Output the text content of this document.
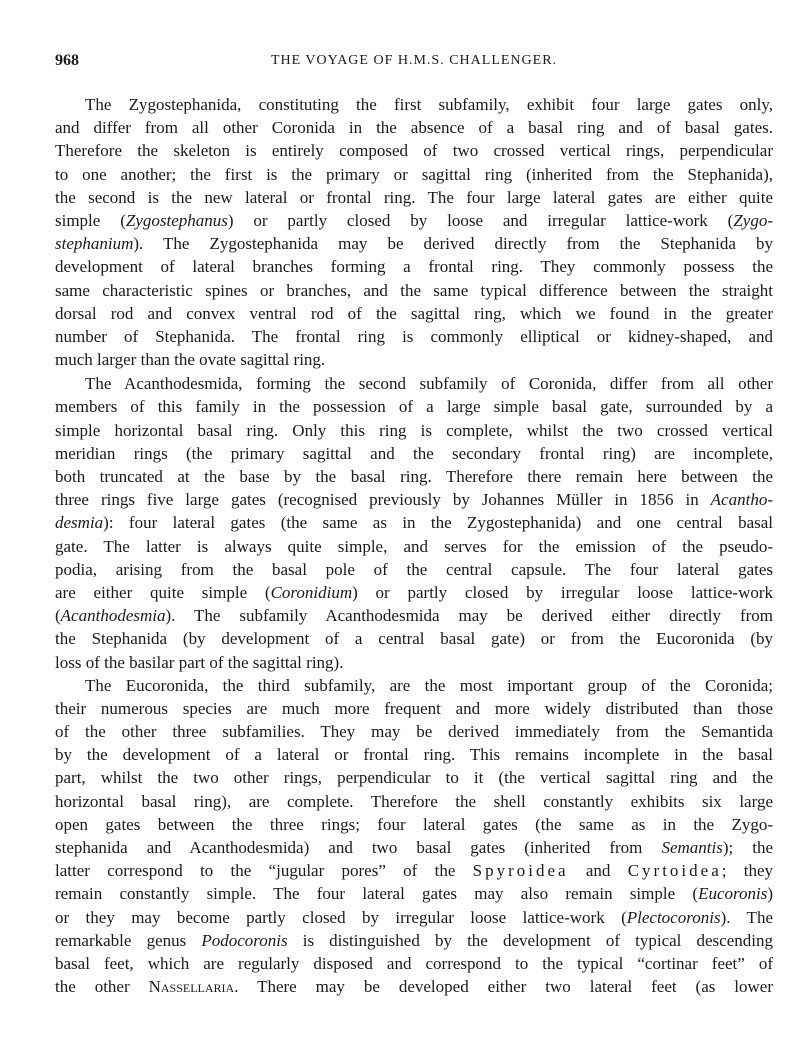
968	THE VOYAGE OF H.M.S. CHALLENGER.
The Zygostephanida, constituting the first subfamily, exhibit four large gates only,
and differ from all other Coronida in the absence of a basal ring and of basal gates.
Therefore the skeleton is entirely composed of two crossed vertical rings, perpendicular
to one another; the first is the primary or sagittal ring (inherited from the Stephanida),
the second is the new lateral or frontal ring. The four large lateral gates are either quite
simple (Zygostephanus) or partly closed by loose and irregular lattice-work (Zygo-
stephanium). The Zygostephanida may be derived directly from the Stephanida by
development of lateral branches forming a frontal ring. They commonly possess the
same characteristic spines or branches, and the same typical difference between the straight
dorsal rod and convex ventral rod of the sagittal ring, which we found in the greater
number of Stephanida. The frontal ring is commonly elliptical or kidney-shaped, and
much larger than the ovate sagittal ring.
The Acanthodesmida, forming the second subfamily of Coronida, differ from all other
members of this family in the possession of a large simple basal gate, surrounded by a
simple horizontal basal ring. Only this ring is complete, whilst the two crossed vertical
meridian rings (the primary sagittal and the secondary frontal ring) are incomplete,
both truncated at the base by the basal ring. Therefore there remain here between the
three rings five large gates (recognised previously by Johannes Müller in 1856 in Acantho-
desmia): four lateral gates (the same as in the Zygostephanida) and one central basal
gate. The latter is always quite simple, and serves for the emission of the pseudo-
podia, arising from the basal pole of the central capsule. The four lateral gates
are either quite simple (Coronidium) or partly closed by irregular loose lattice-work
(Acanthodesmia). The subfamily Acanthodesmida may be derived either directly from
the Stephanida (by development of a central basal gate) or from the Eucoronida (by
loss of the basilar part of the sagittal ring).
The Eucoronida, the third subfamily, are the most important group of the Coronida;
their numerous species are much more frequent and more widely distributed than those
of the other three subfamilies. They may be derived immediately from the Semantida
by the development of a lateral or frontal ring. This remains incomplete in the basal
part, whilst the two other rings, perpendicular to it (the vertical sagittal ring and the
horizontal basal ring), are complete. Therefore the shell constantly exhibits six large
open gates between the three rings; four lateral gates (the same as in the Zygo-
stephanida and Acanthodesmida) and two basal gates (inherited from Semantis); the
latter correspond to the “jugular pores” of the Spyroidea and Cyrtoidea; they
remain constantly simple. The four lateral gates may also remain simple (Eucoronis)
or they may become partly closed by irregular loose lattice-work (Plectocoronis). The
remarkable genus Podocoronis is distinguished by the development of typical descending
basal feet, which are regularly disposed and correspond to the typical “cortinar feet” of
the other Nassellaria. There may be developed either two lateral feet (as lower
